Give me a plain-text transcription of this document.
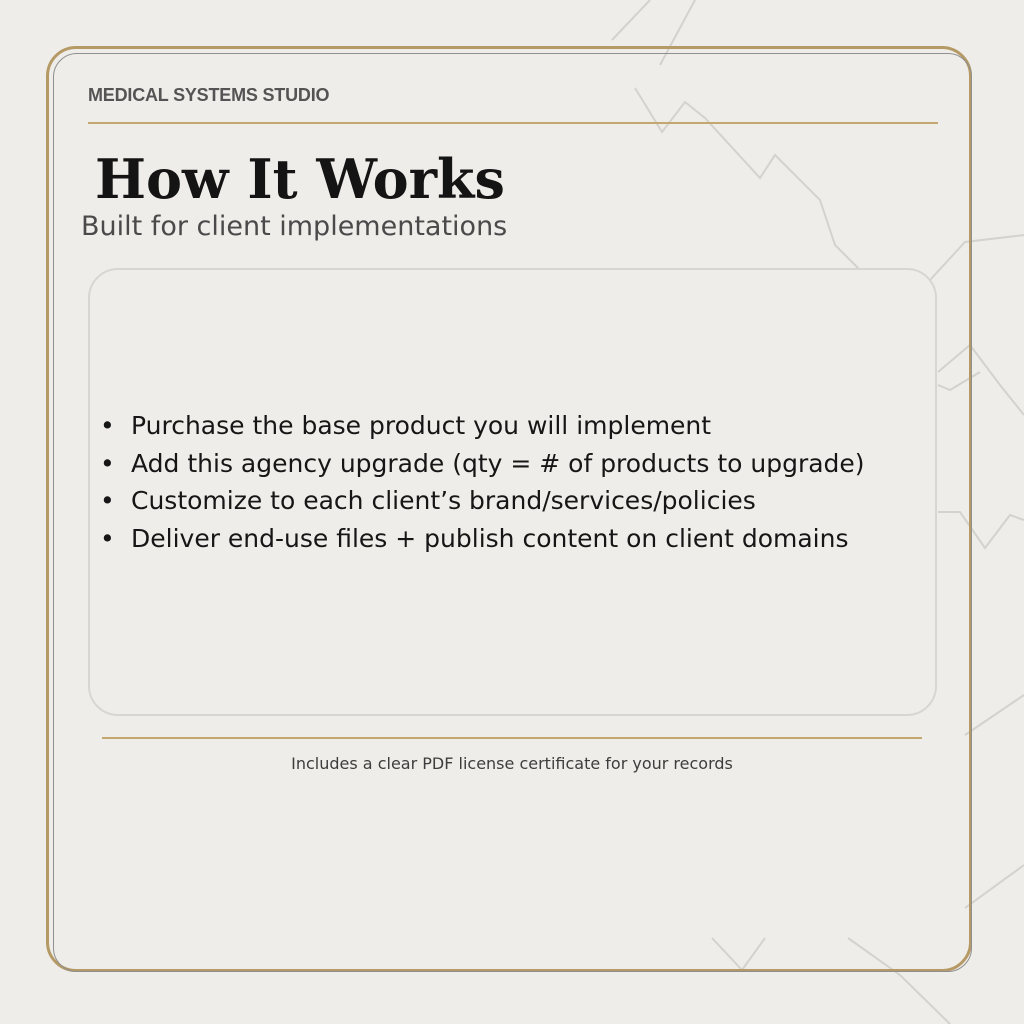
MEDICAL SYSTEMS STUDIO
How It Works
Built for client implementations
• Purchase the base product you will implement
• Add this agency upgrade (qty = # of products to upgrade)
• Customize to each client’s brand/services/policies
• Deliver end-use files + publish content on client domains
Includes a clear PDF license certificate for your records
